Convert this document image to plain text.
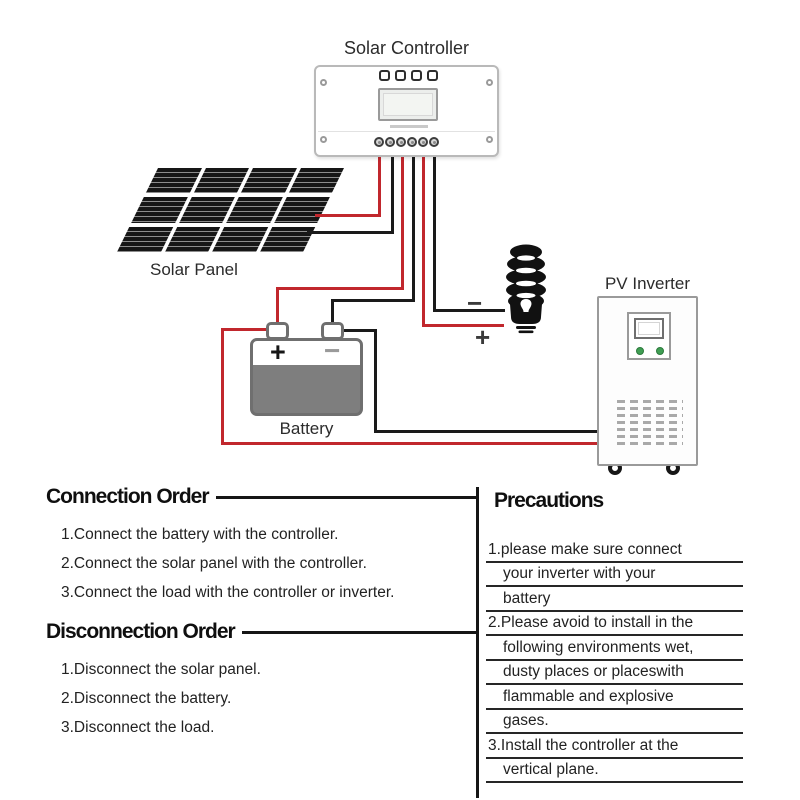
Solar Panel
Solar Controller
+ −
Battery
−
+
PV Inverter
Connection Order
1.Connect the battery with the controller.
2.Connect the solar panel with the controller.
3.Connect the load with the controller or inverter.
Disconnection Order
1.Disconnect the solar panel.
2.Disconnect the battery.
3.Disconnect the load.
Precautions
1.please make sure connect
your inverter with your
battery
2.Please avoid to install in the
following environments wet,
dusty places or placeswith
flammable and explosive
gases.
3.Install the controller at the
vertical plane.
